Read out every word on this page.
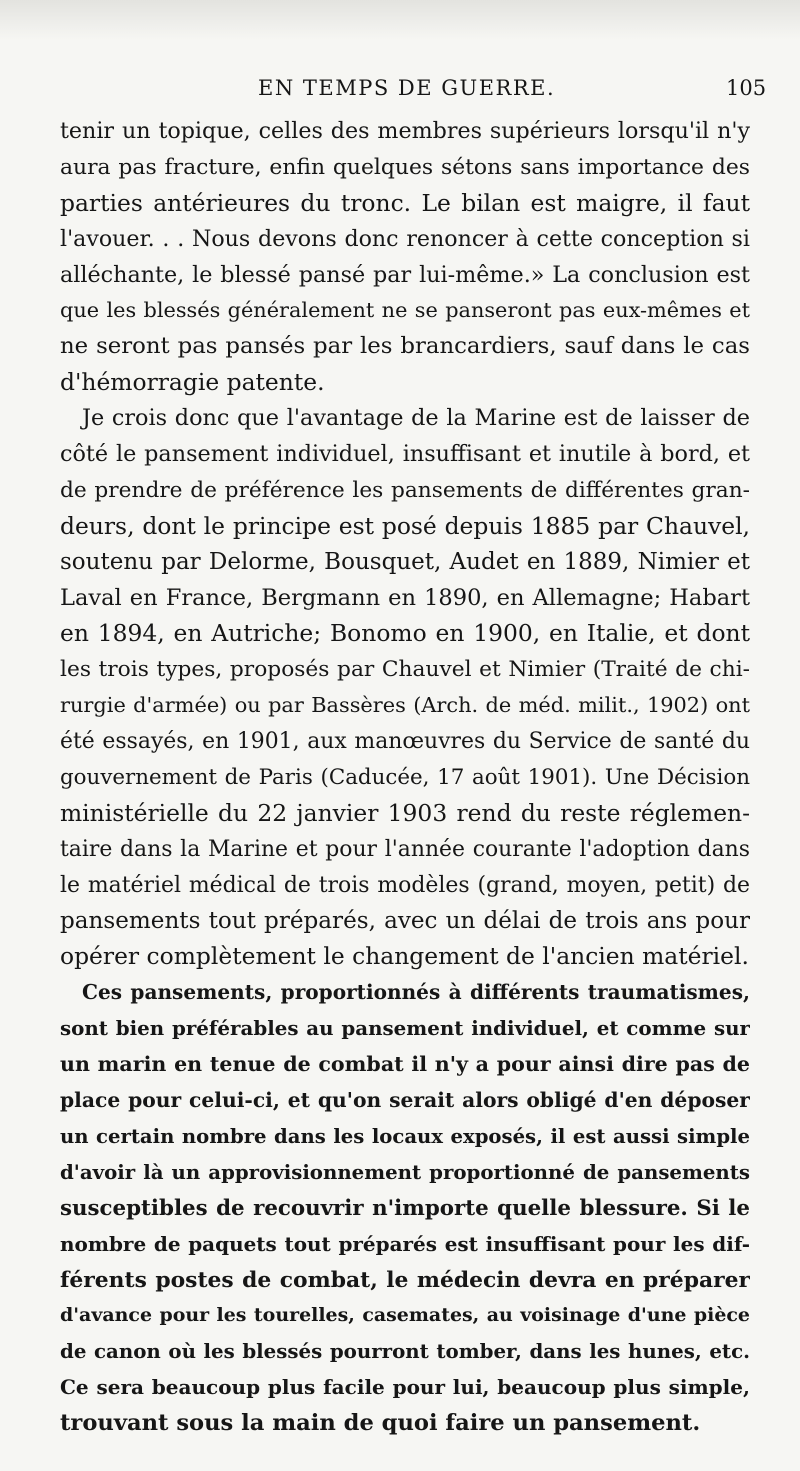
EN TEMPS DE GUERRE.	105
tenir un topique, celles des membres supérieurs lorsqu'il n'y
aura pas fracture, enfin quelques sétons sans importance des
parties antérieures du tronc. Le bilan est maigre, il faut
l'avouer. . . Nous devons donc renoncer à cette conception si
alléchante, le blessé pansé par lui-même.» La conclusion est
que les blessés généralement ne se panseront pas eux-mêmes et
ne seront pas pansés par les brancardiers, sauf dans le cas
d'hémorragie patente.
Je crois donc que l'avantage de la Marine est de laisser de
côté le pansement individuel, insuffisant et inutile à bord, et
de prendre de préférence les pansements de différentes gran-
deurs, dont le principe est posé depuis 1885 par Chauvel,
soutenu par Delorme, Bousquet, Audet en 1889, Nimier et
Laval en France, Bergmann en 1890, en Allemagne; Habart
en 1894, en Autriche; Bonomo en 1900, en Italie, et dont
les trois types, proposés par Chauvel et Nimier (Traité de chi-
rurgie d'armée) ou par Bassères (Arch. de méd. milit., 1902) ont
été essayés, en 1901, aux manœuvres du Service de santé du
gouvernement de Paris (Caducée, 17 août 1901). Une Décision
ministérielle du 22 janvier 1903 rend du reste réglemen-
taire dans la Marine et pour l'année courante l'adoption dans
le matériel médical de trois modèles (grand, moyen, petit) de
pansements tout préparés, avec un délai de trois ans pour
opérer complètement le changement de l'ancien matériel.
Ces pansements, proportionnés à différents traumatismes,
sont bien préférables au pansement individuel, et comme sur
un marin en tenue de combat il n'y a pour ainsi dire pas de
place pour celui-ci, et qu'on serait alors obligé d'en déposer
un certain nombre dans les locaux exposés, il est aussi simple
d'avoir là un approvisionnement proportionné de pansements
susceptibles de recouvrir n'importe quelle blessure. Si le
nombre de paquets tout préparés est insuffisant pour les dif-
férents postes de combat, le médecin devra en préparer
d'avance pour les tourelles, casemates, au voisinage d'une pièce
de canon où les blessés pourront tomber, dans les hunes, etc.
Ce sera beaucoup plus facile pour lui, beaucoup plus simple,
trouvant sous la main de quoi faire un pansement.
